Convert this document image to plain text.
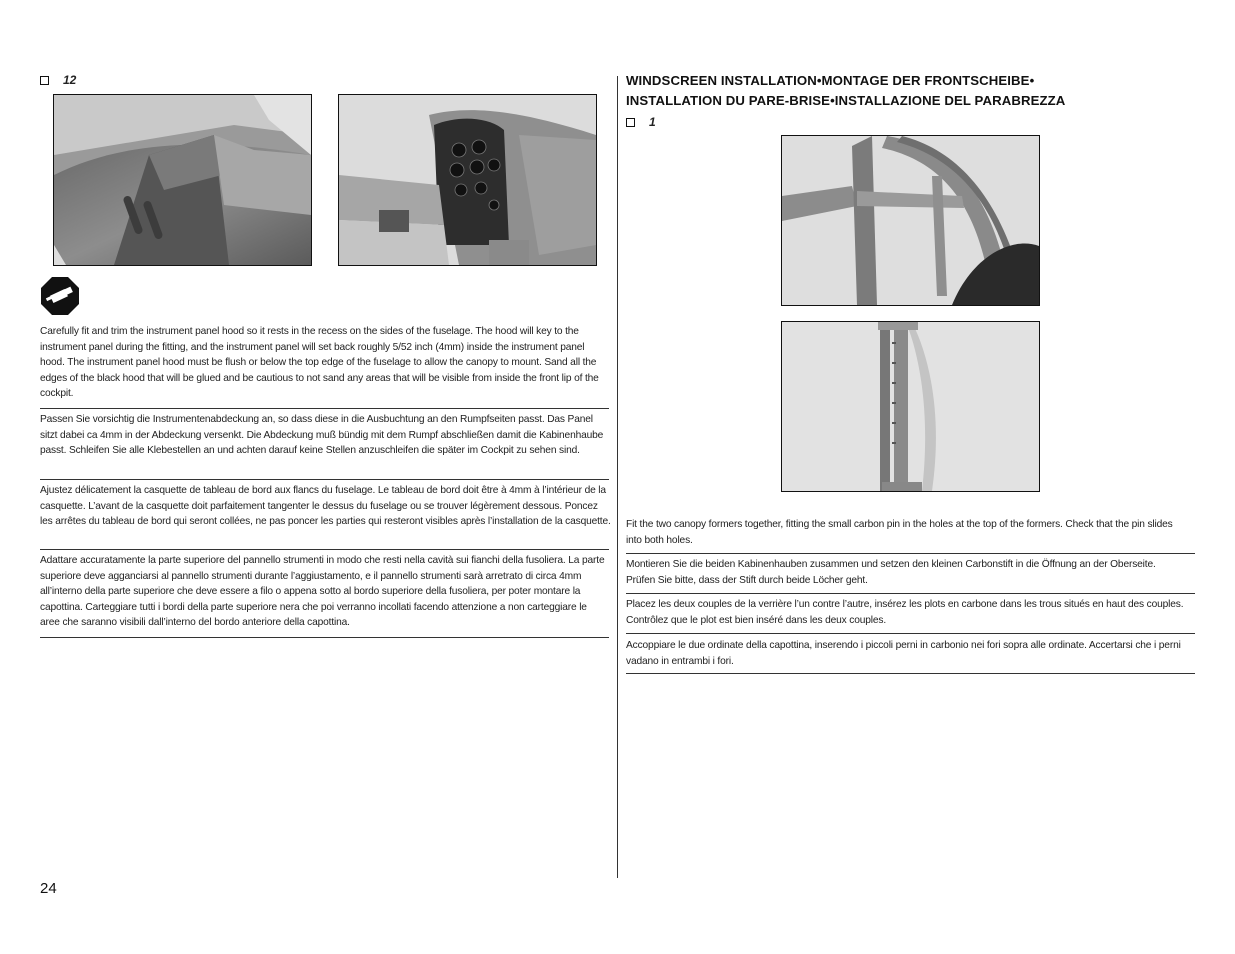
12
Carefully fit and trim the instrument panel hood so it rests in the recess on the sides of the fuselage. The hood will key to the instrument panel during the fitting, and the instrument panel will set back roughly 5/52 inch (4mm) inside the instrument panel hood. The instrument panel hood must be flush or below the top edge of the fuselage to allow the canopy to mount. Sand all the edges of the black hood that will be glued and be cautious to not sand any areas that will be visible from inside the front lip of the cockpit.
Passen Sie vorsichtig die Instrumentenabdeckung an, so dass diese in die Ausbuchtung an den Rumpfseiten passt. Das Panel sitzt dabei ca 4mm in der Abdeckung versenkt. Die Abdeckung muß bündig mit dem Rumpf abschließen damit die Kabinenhaube passt. Schleifen Sie alle Klebestellen an und achten darauf keine Stellen anzuschleifen die später im Cockpit zu sehen sind.
Ajustez délicatement la casquette de tableau de bord aux flancs du fuselage. Le tableau de bord doit être à 4mm à l’intérieur de la casquette. L’avant de la casquette doit parfaitement tangenter le dessus du fuselage ou se trouver légèrement dessous. Poncez les arrêtes du tableau de bord qui seront collées, ne pas poncer les parties qui resteront visibles après l’installation de la casquette.
Adattare accuratamente la parte superiore del pannello strumenti in modo che resti nella cavità sui fianchi della fusoliera. La parte superiore deve agganciarsi al pannello strumenti durante l’aggiustamento, e il pannello strumenti sarà arretrato di circa 4mm all’interno della parte superiore che deve essere a filo o appena sotto al bordo superiore della fusoliera, per poter montare la capottina. Carteggiare tutti i bordi della parte superiore nera che poi verranno incollati facendo attenzione a non carteggiare le aree che saranno visibili dall’interno del bordo anteriore della capottina.
WINDSCREEN INSTALLATION•MONTAGE DER FRONTSCHEIBE•
INSTALLATION DU PARE-BRISE•INSTALLAZIONE DEL PARABREZZA
1
Fit the two canopy formers together, fitting the small carbon pin in the holes at the top of the formers. Check that the pin slides into both holes.
Montieren Sie die beiden Kabinenhauben zusammen und setzen den kleinen Carbonstift in die Öffnung an der Oberseite. Prüfen Sie bitte, dass der Stift durch beide Löcher geht.
Placez les deux couples de la verrière l’un contre l’autre, insérez les plots en carbone dans les trous situés en haut des couples. Contrôlez que le plot est bien inséré dans les deux couples.
Accoppiare le due ordinate della capottina, inserendo i piccoli perni in carbonio nei fori sopra alle ordinate. Accertarsi che i perni vadano in entrambi i fori.
24
